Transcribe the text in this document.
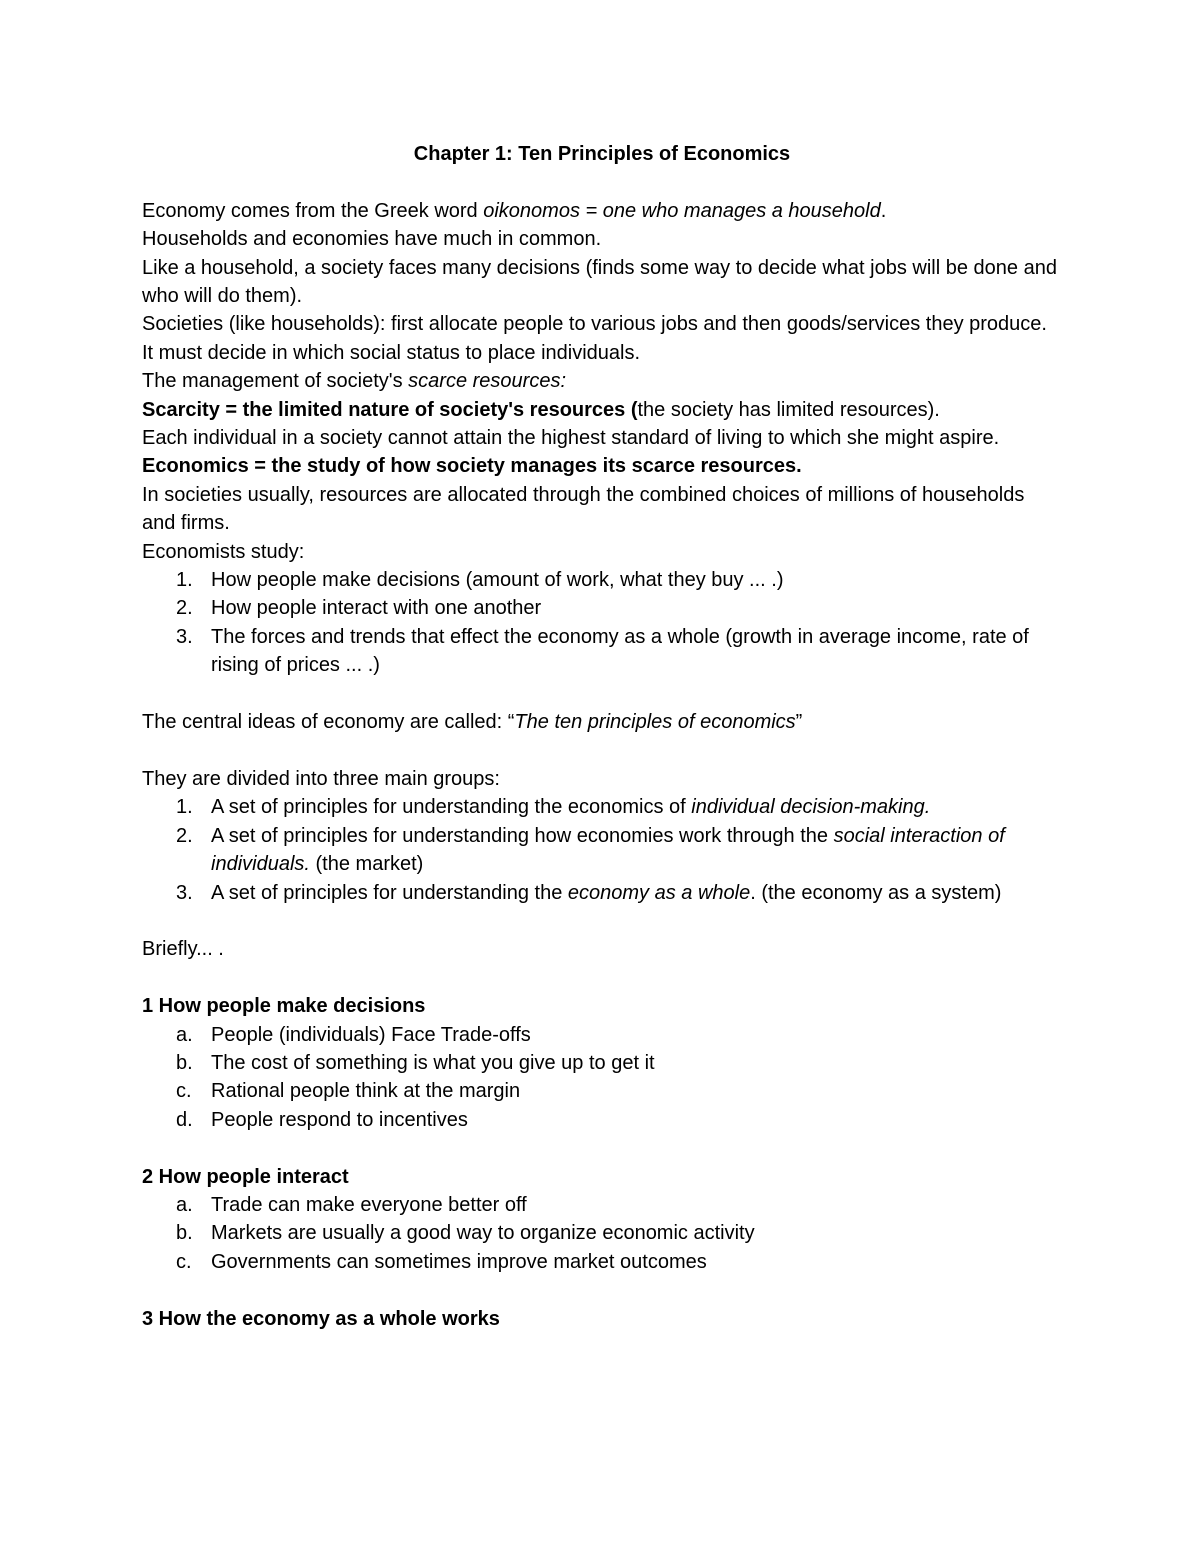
Chapter 1: Ten Principles of Economics

Economy comes from the Greek word oikonomos = one who manages a household.

Households and economies have much in common.

Like a household, a society faces many decisions (finds some way to decide what jobs will be done and who will do them).

Societies (like households): first allocate people to various jobs and then goods/services they produce. It must decide in which social status to place individuals.

The management of society's scarce resources:

Scarcity = the limited nature of society's resources (the society has limited resources).

Each individual in a society cannot attain the highest standard of living to which she might aspire.

Economics = the study of how society manages its scarce resources.

In societies usually, resources are allocated through the combined choices of millions of households and firms.

Economists study:

1. How people make decisions (amount of work, what they buy ... .)
2. How people interact with one another
3. The forces and trends that effect the economy as a whole (growth in average income, rate of rising of prices ... .)

The central ideas of economy are called: “The ten principles of economics”

They are divided into three main groups:

1. A set of principles for understanding the economics of individual decision-making.
2. A set of principles for understanding how economies work through the social interaction of individuals. (the market)
3. A set of principles for understanding the economy as a whole. (the economy as a system)

Briefly... .

1 How people make decisions

a. People (individuals) Face Trade-offs
b. The cost of something is what you give up to get it
c. Rational people think at the margin
d. People respond to incentives

2 How people interact

a. Trade can make everyone better off
b. Markets are usually a good way to organize economic activity
c. Governments can sometimes improve market outcomes

3 How the economy as a whole works
